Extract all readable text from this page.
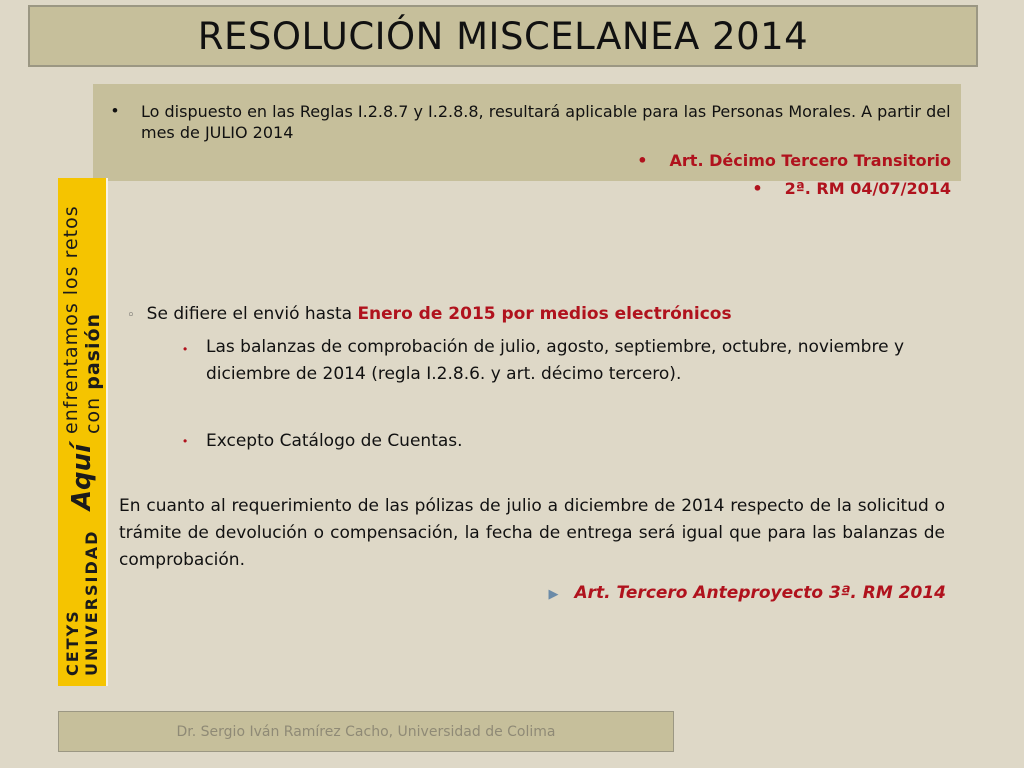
RESOLUCIÓN MISCELANEA 2014
• Lo dispuesto en las Reglas I.2.8.7 y I.2.8.8, resultará aplicable para las Personas Morales. A partir del mes de JULIO 2014
• Art. Décimo Tercero Transitorio
• 2ª. RM 04/07/2014
CETYS UNIVERSIDAD
Aquí
enfrentamos los retos con pasión ◦ Se difiere el envió hasta Enero de 2015 por medios electrónicos
• Las balanzas de comprobación de julio, agosto, septiembre, octubre, noviembre y diciembre de 2014 (regla I.2.8.6. y art. décimo tercero).
• Excepto Catálogo de Cuentas.
En cuanto al requerimiento de las pólizas de julio a diciembre de 2014 respecto de la solicitud o trámite de devolución o compensación, la fecha de entrega será igual que para las balanzas de comprobación.
▶ Art. Tercero Anteproyecto 3ª. RM 2014
Dr. Sergio Iván Ramírez Cacho, Universidad de Colima
